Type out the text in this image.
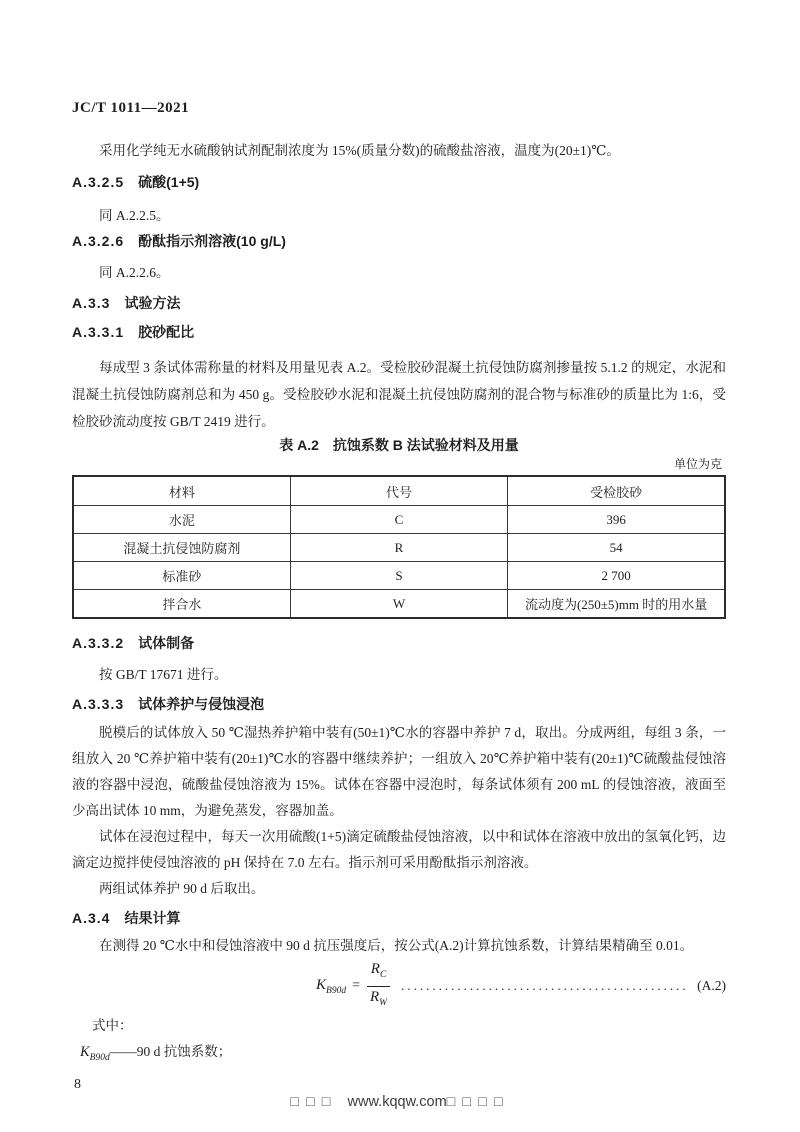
JC/T 1011—2021

采用化学纯无水硫酸钠试剂配制浓度为 15%(质量分数)的硫酸盐溶液，温度为(20±1)℃。

A.3.2.5 硫酸(1+5)

同 A.2.2.5。

A.3.2.6 酚酞指示剂溶液(10 g/L)

同 A.2.2.6。

A.3.3 试验方法
A.3.3.1 胶砂配比

每成型 3 条试体需称量的材料及用量见表 A.2。受检胶砂混凝土抗侵蚀防腐剂掺量按 5.1.2 的规定，水泥和混凝土抗侵蚀防腐剂总和为 450 g。受检胶砂水泥和混凝土抗侵蚀防腐剂的混合物与标准砂的质量比为 1:6，受检胶砂流动度按 GB/T 2419 进行。

表 A.2　抗蚀系数 B 法试验材料及用量
单位为克
材料	代号	受检胶砂
水泥	C	396
混凝土抗侵蚀防腐剂	R	54
标准砂	S	2 700
拌合水	W	流动度为(250±5)mm 时的用水量
A.3.3.2 试体制备

按 GB/T 17671 进行。

A.3.3.3 试体养护与侵蚀浸泡

脱模后的试体放入 50 ℃湿热养护箱中装有(50±1)℃水的容器中养护 7 d，取出。分成两组，每组 3 条，一组放入 20 ℃养护箱中装有(20±1)℃水的容器中继续养护；一组放入 20℃养护箱中装有(20±1)℃硫酸盐侵蚀溶液的容器中浸泡，硫酸盐侵蚀溶液为 15%。试体在容器中浸泡时，每条试体须有 200 mL 的侵蚀溶液，液面至少高出试体 10 mm，为避免蒸发，容器加盖。

试体在浸泡过程中，每天一次用硫酸(1+5)滴定硫酸盐侵蚀溶液，以中和试体在溶液中放出的氢氧化钙，边滴定边搅拌使侵蚀溶液的 pH 保持在 7.0 左右。指示剂可采用酚酞指示剂溶液。

两组试体养护 90 d 后取出。

A.3.4 结果计算

在测得 20 ℃水中和侵蚀溶液中 90 d 抗压强度后，按公式(A.2)计算抗蚀系数，计算结果精确至 0.01。

$K_{B90d} = \frac{R_C}{R_W}$ .............................................. (A.2)
式中：
$K_{B90d}——90$ d 抗蚀系数；
8
□□□ www.kqqw.com□□□□
